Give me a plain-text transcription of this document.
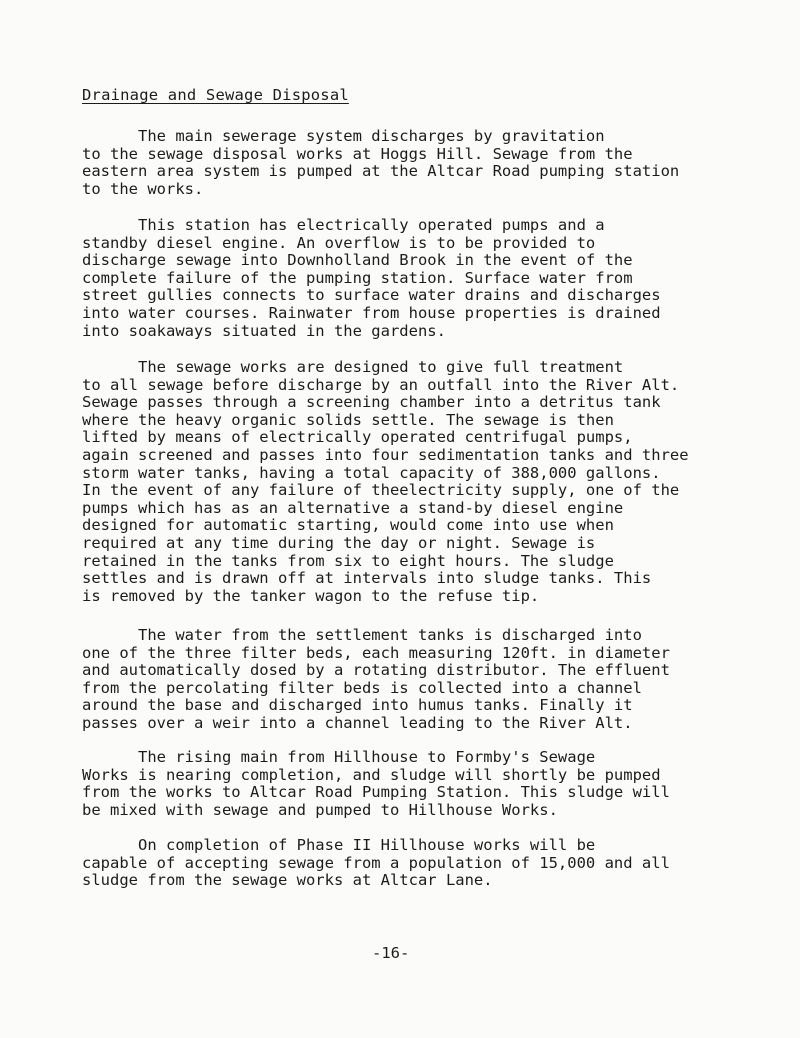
Drainage and Sewage Disposal

The main sewerage system discharges by gravitation
to the sewage disposal works at Hoggs Hill. Sewage from the
eastern area system is pumped at the Altcar Road pumping station
to the works.

This station has electrically operated pumps and a
standby diesel engine. An overflow is to be provided to
discharge sewage into Downholland Brook in the event of the
complete failure of the pumping station. Surface water from
street gullies connects to surface water drains and discharges
into water courses. Rainwater from house properties is drained
into soakaways situated in the gardens.

The sewage works are designed to give full treatment
to all sewage before discharge by an outfall into the River Alt.
Sewage passes through a screening chamber into a detritus tank
where the heavy organic solids settle. The sewage is then
lifted by means of electrically operated centrifugal pumps,
again screened and passes into four sedimentation tanks and three
storm water tanks, having a total capacity of 388,000 gallons.
In the event of any failure of theelectricity supply, one of the
pumps which has as an alternative a stand-by diesel engine
designed for automatic starting, would come into use when
required at any time during the day or night. Sewage is
retained in the tanks from six to eight hours. The sludge
settles and is drawn off at intervals into sludge tanks. This
is removed by the tanker wagon to the refuse tip.

The water from the settlement tanks is discharged into
one of the three filter beds, each measuring 120ft. in diameter
and automatically dosed by a rotating distributor. The effluent
from the percolating filter beds is collected into a channel
around the base and discharged into humus tanks. Finally it
passes over a weir into a channel leading to the River Alt.

The rising main from Hillhouse to Formby's Sewage
Works is nearing completion, and sludge will shortly be pumped
from the works to Altcar Road Pumping Station. This sludge will
be mixed with sewage and pumped to Hillhouse Works.

On completion of Phase II Hillhouse works will be
capable of accepting sewage from a population of 15,000 and all
sludge from the sewage works at Altcar Lane.

-16-
